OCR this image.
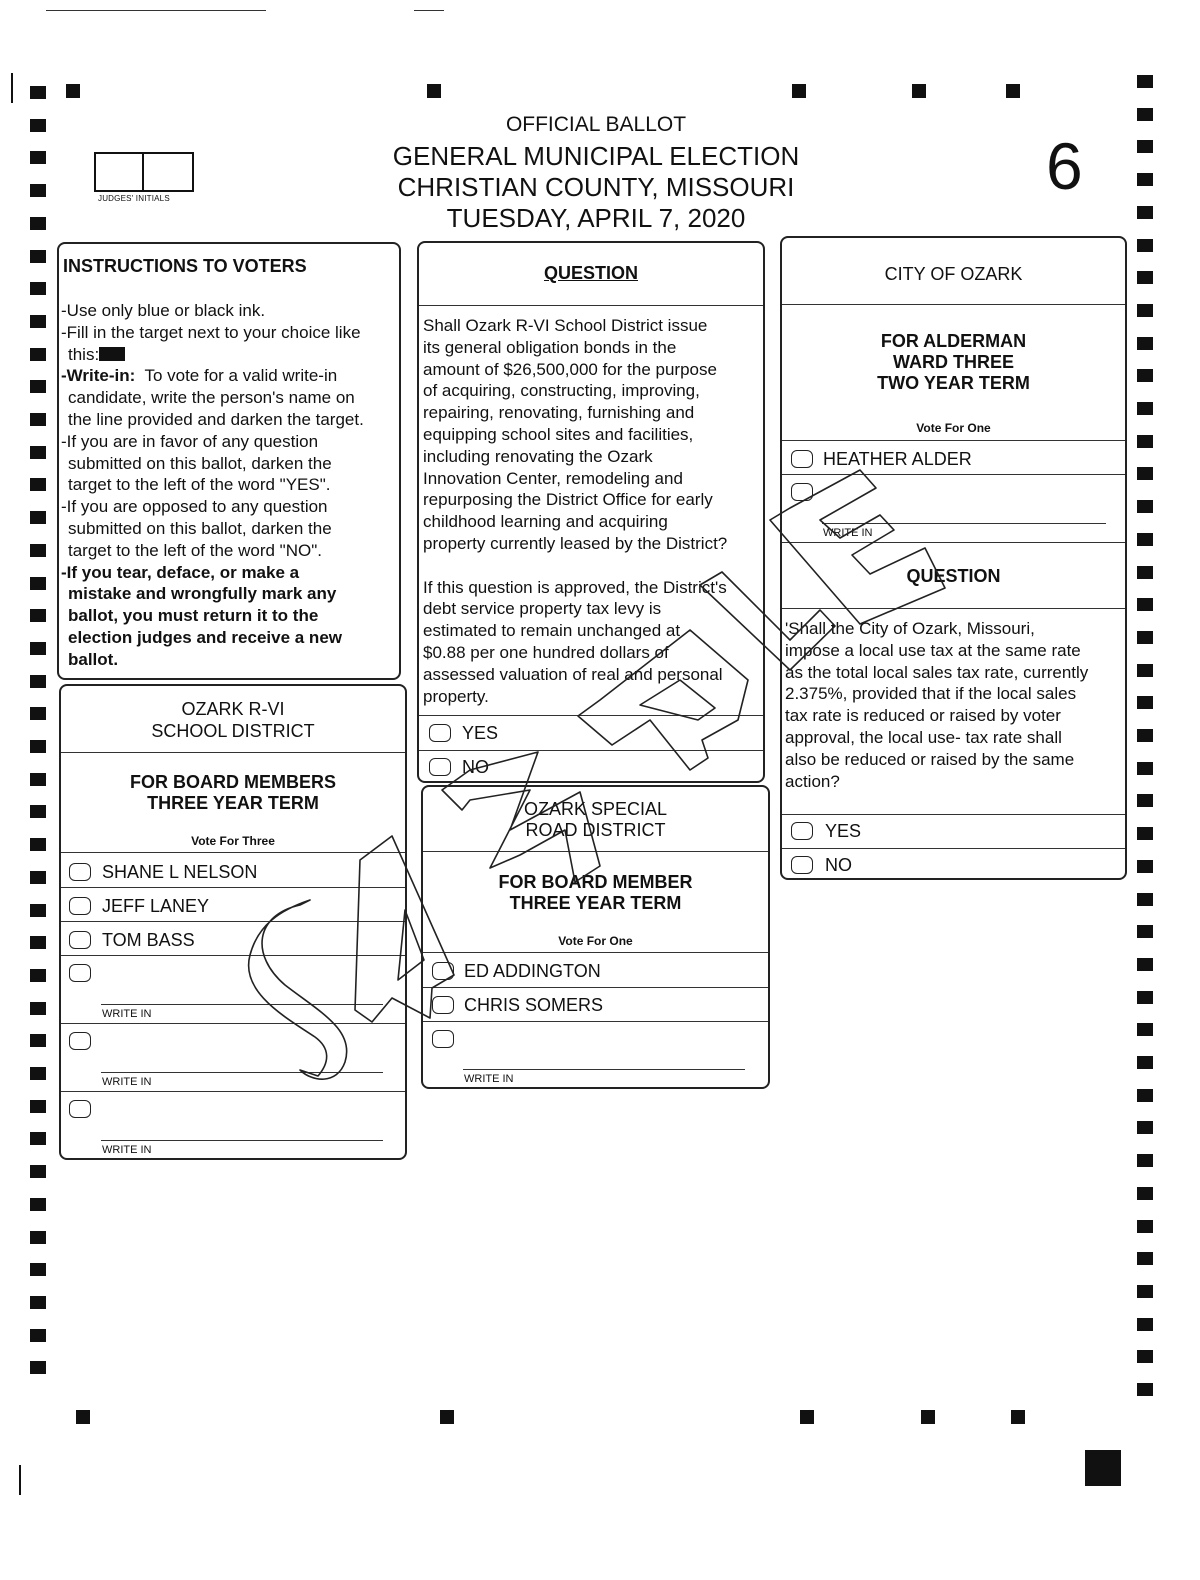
JUDGES' INITIALS
OFFICIAL BALLOT
GENERAL MUNICIPAL ELECTION
CHRISTIAN COUNTY, MISSOURI
TUESDAY, APRIL 7, 2020
6
INSTRUCTIONS TO VOTERS
-Use only blue or black ink.
-Fill in the target next to your choice like
this:
-Write-in: To vote for a valid write-in
candidate, write the person's name on
the line provided and darken the target.
-If you are in favor of any question
submitted on this ballot, darken the
target to the left of the word "YES".
-If you are opposed to any question
submitted on this ballot, darken the
target to the left of the word "NO".
-If you tear, deface, or make a
mistake and wrongfully mark any
ballot, you must return it to the
election judges and receive a new
ballot.
QUESTION
Shall Ozark R-VI School District issue
its general obligation bonds in the
amount of $26,500,000 for the purpose
of acquiring, constructing, improving,
repairing, renovating, furnishing and
equipping school sites and facilities,
including renovating the Ozark
Innovation Center, remodeling and
repurposing the District Office for early
childhood learning and acquiring
property currently leased by the District?
If this question is approved, the District's
debt service property tax levy is
estimated to remain unchanged at
$0.88 per one hundred dollars of
assessed valuation of real and personal
property.
YES
NO
CITY OF OZARK
FOR ALDERMAN
WARD THREE
TWO YEAR TERM
Vote For One
HEATHER ALDER
WRITE IN
QUESTION
'Shall the City of Ozark, Missouri,
impose a local use tax at the same rate
as the total local sales tax rate, currently
2.375%, provided that if the local sales
tax rate is reduced or raised by voter
approval, the local use- tax rate shall
also be reduced or raised by the same
action?
YES
NO
OZARK R-VI
SCHOOL DISTRICT
FOR BOARD MEMBERS
THREE YEAR TERM
Vote For Three
SHANE L NELSON
JEFF LANEY
TOM BASS
WRITE IN
WRITE IN
WRITE IN
OZARK SPECIAL
ROAD DISTRICT
FOR BOARD MEMBER
THREE YEAR TERM
Vote For One
ED ADDINGTON
CHRIS SOMERS
WRITE IN
